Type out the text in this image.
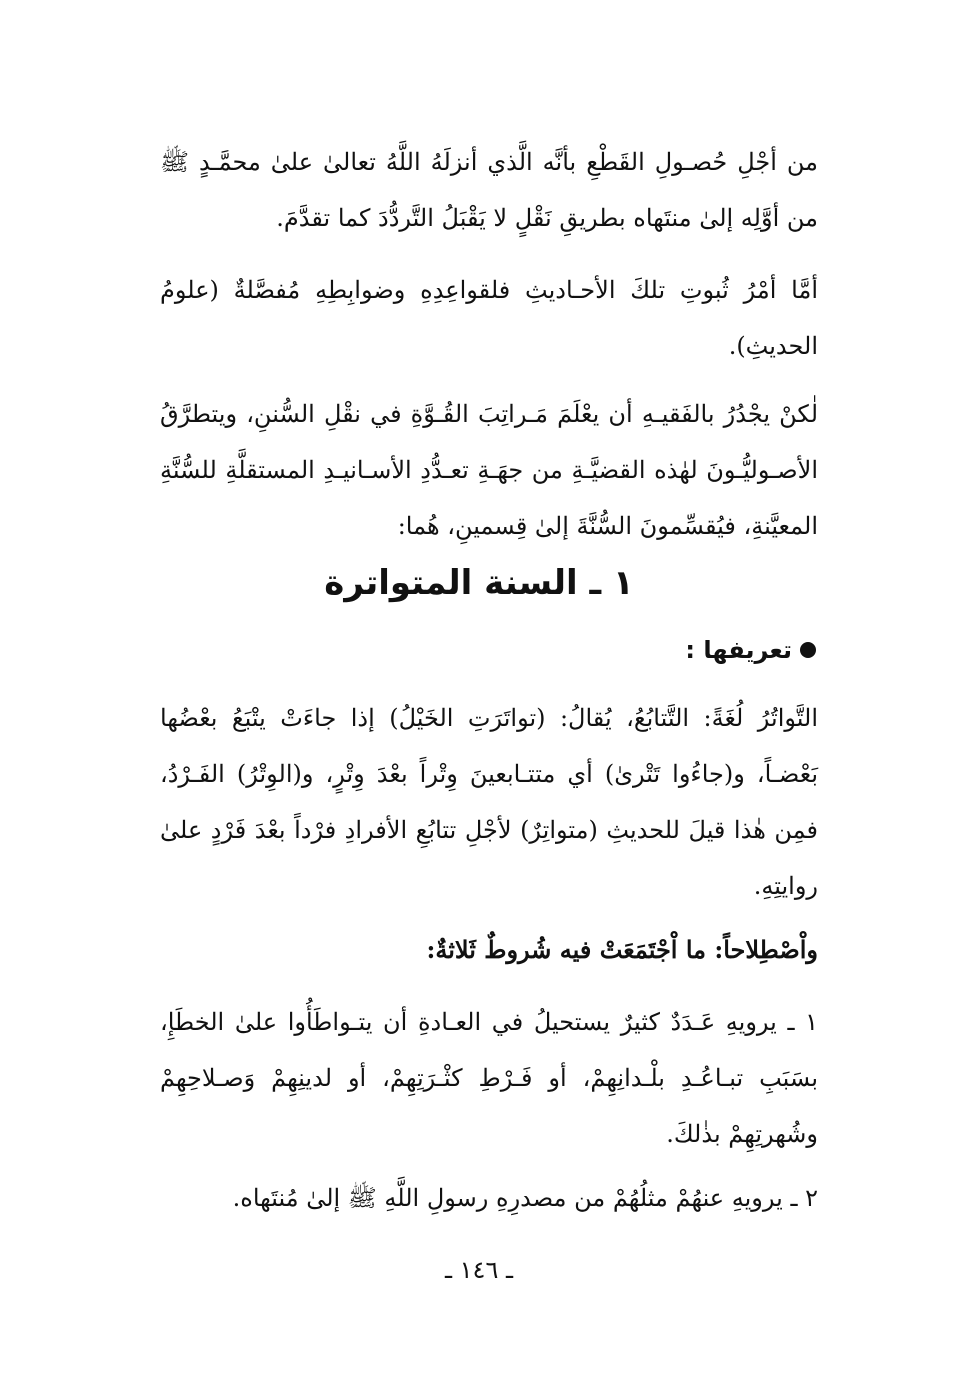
من أجْلِ حُصـولِ القَطْعِ بأنَّه الَّذي أنزلَهُ اللَّهُ تعالىٰ علىٰ محمَّـدٍ ﷺ من أوَّلِه إلىٰ منتَهاه بطريقِ نَقْلٍ لا يَقْبَلُ التَّردُّدَ كما تقدَّمَ.

أمَّا أمْرُ ثُبوتِ تلكَ الأحـاديثِ فلقواعِدِهِ وضوابِطِهِ مُفصَّلةٌ (علومُ الحديثِ).

لٰكنْ يجْدُرُ بالفَقيـهِ أن يعْلَمَ مَـراتِبَ القُـوَّةِ في نقْلِ السُّننِ، ويتطرَّقُ الأصـوليُّـونَ لهٰذه القضيَّـةِ من جهَـةِ تعـدُّدِ الأسـانيـدِ المستقلَّةِ للسُّنَّةِ المعيَّنةِ، فيُقسِّمونَ السُّنَّةَ إلىٰ قِسمينِ، هُما:

١ ـ السنة المتواترة
تعريفها :

التَّواتُرُ لُغَةً: التَّتابُعُ، يُقالُ: (تواتَرَتِ الخَيْلُ) إذا جاءَتْ يتْبَعُ بعْضُها بَعْضـاً، و(جاءُوا تَتْرىٰ) أي متتـابعينَ وِتْراً بعْدَ وِتْرٍ، و(الوِتْرُ) الفَـرْدُ، فمِن هٰذا قيلَ للحديثِ (متواتِرٌ) لأجْلِ تتابُعِ الأفرادِ فرْداً بعْدَ فَرْدٍ علىٰ روايتِهِ.

واْصْطِلاحاً: ما اْجْتَمَعَتْ فيه شُروطٌ ثَلاثةٌ:

١ ـ يرويهِ عَـدَدٌ كثيرٌ يستحيلُ في العـادةِ أن يتـواطَأُوا علىٰ الخطَإِ، بسَبَبِ تبـاعُـدِ بلْـدانِهِمْ، أو فَـرْطِ كثْـرَتِهِمْ، أو لدينِهِمْ وَصـلاحِهِمْ وشُهرتِهِمْ بذٰلكَ.

٢ ـ يرويهِ عنهُمْ مثلُهُمْ من مصدرِهِ رسولِ اللَّهِ ﷺ إلىٰ مُنتَهاه.

ـ ١٤٦ ـ
